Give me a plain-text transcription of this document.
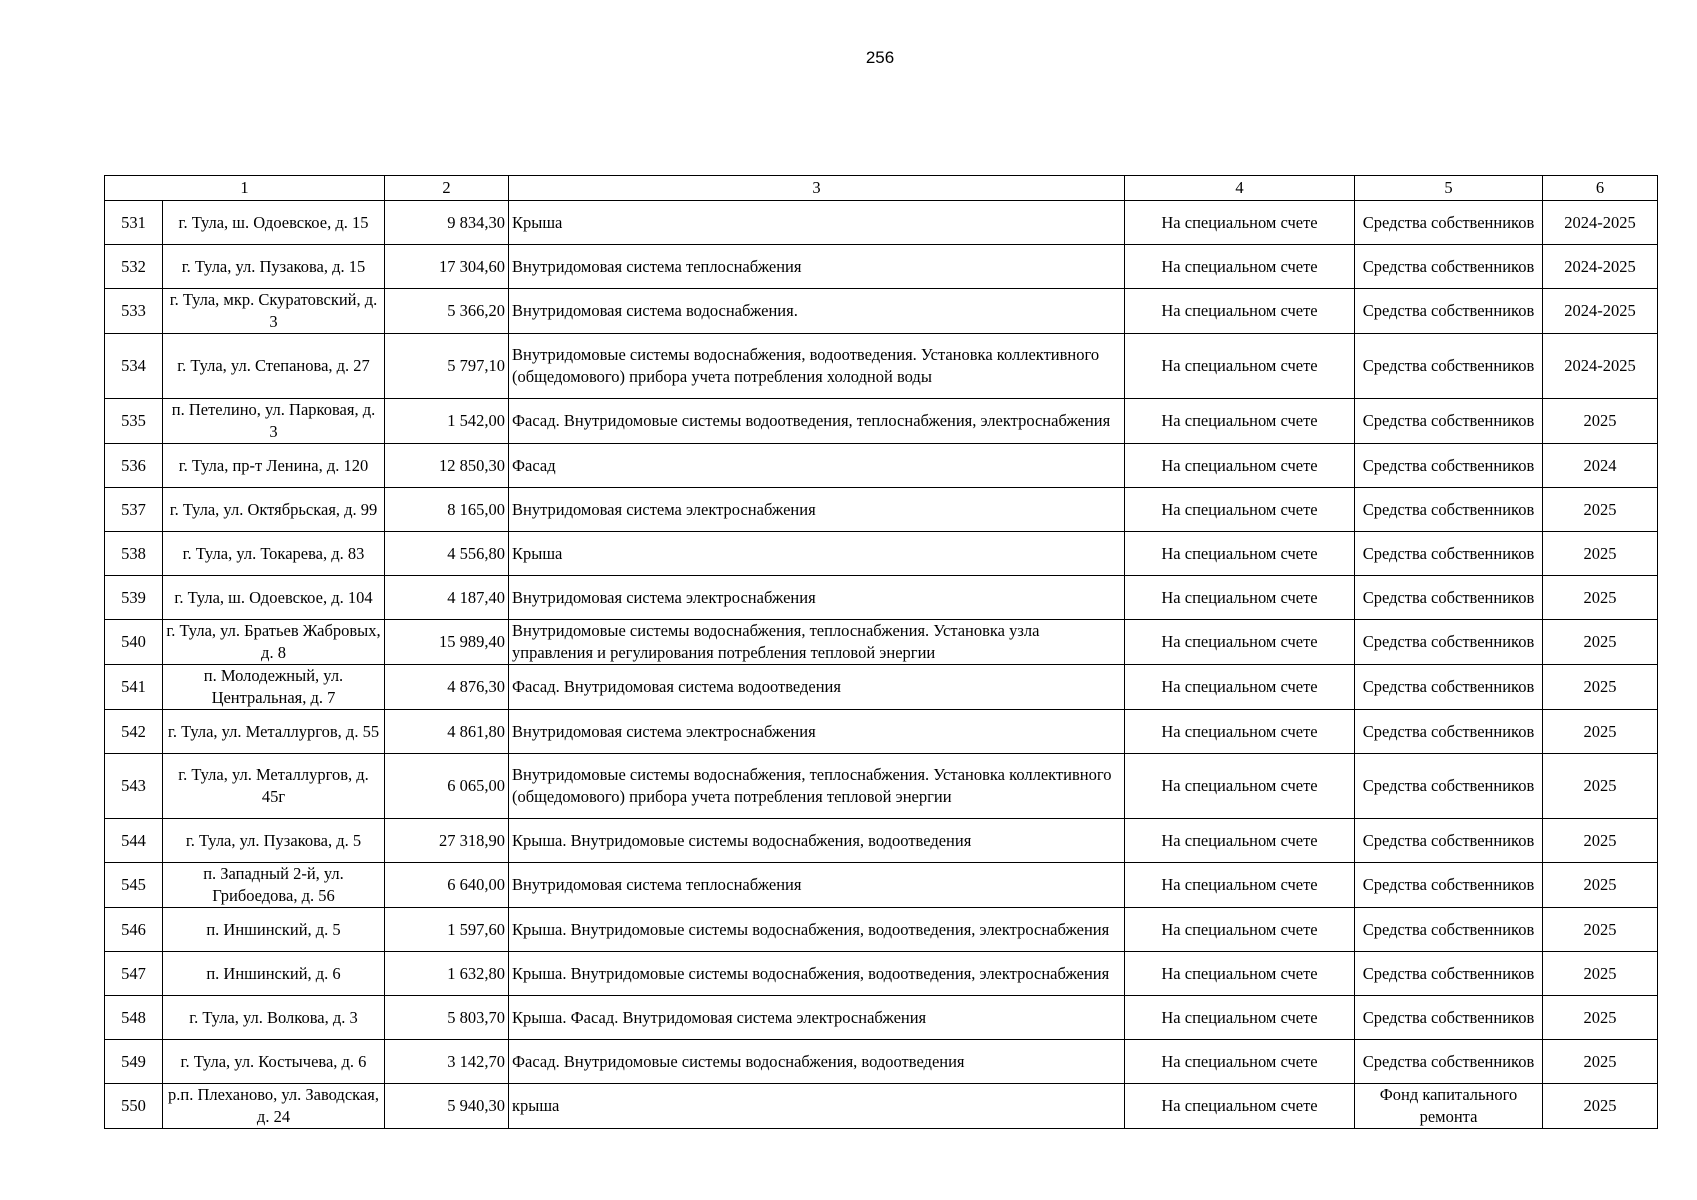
256
1		2	3	4	5	6
531	г. Тула, ш. Одоевское, д. 15	9 834,30	Крыша	На специальном счете	Средства собственников	2024-2025
532	г. Тула, ул. Пузакова, д. 15	17 304,60	Внутридомовая система теплоснабжения	На специальном счете	Средства собственников	2024-2025
533	г. Тула, мкр. Скуратовский, д. 3	5 366,20	Внутридомовая система водоснабжения.	На специальном счете	Средства собственников	2024-2025
534	г. Тула, ул. Степанова, д. 27	5 797,10	Внутридомовые системы водоснабжения, водоотведения. Установка коллективного (общедомового) прибора учета потребления холодной воды	На специальном счете	Средства собственников	2024-2025
535	п. Петелино, ул. Парковая, д. 3	1 542,00	Фасад. Внутридомовые системы водоотведения, теплоснабжения, электроснабжения	На специальном счете	Средства собственников	2025
536	г. Тула, пр-т Ленина, д. 120	12 850,30	Фасад	На специальном счете	Средства собственников	2024
537	г. Тула, ул. Октябрьская, д. 99	8 165,00	Внутридомовая система электроснабжения	На специальном счете	Средства собственников	2025
538	г. Тула, ул. Токарева, д. 83	4 556,80	Крыша	На специальном счете	Средства собственников	2025
539	г. Тула, ш. Одоевское, д. 104	4 187,40	Внутридомовая система электроснабжения	На специальном счете	Средства собственников	2025
540	г. Тула, ул. Братьев Жабровых, д. 8	15 989,40	Внутридомовые системы водоснабжения, теплоснабжения. Установка узла управления и регулирования потребления тепловой энергии	На специальном счете	Средства собственников	2025
541	п. Молодежный, ул. Центральная, д. 7	4 876,30	Фасад. Внутридомовая система водоотведения	На специальном счете	Средства собственников	2025
542	г. Тула, ул. Металлургов, д. 55	4 861,80	Внутридомовая система электроснабжения	На специальном счете	Средства собственников	2025
543	г. Тула, ул. Металлургов, д. 45г	6 065,00	Внутридомовые системы водоснабжения, теплоснабжения. Установка коллективного (общедомового) прибора учета потребления тепловой энергии	На специальном счете	Средства собственников	2025
544	г. Тула, ул. Пузакова, д. 5	27 318,90	Крыша. Внутридомовые системы водоснабжения, водоотведения	На специальном счете	Средства собственников	2025
545	п. Западный 2-й, ул. Грибоедова, д. 56	6 640,00	Внутридомовая система теплоснабжения	На специальном счете	Средства собственников	2025
546	п. Иншинский, д. 5	1 597,60	Крыша. Внутридомовые системы водоснабжения, водоотведения, электроснабжения	На специальном счете	Средства собственников	2025
547	п. Иншинский, д. 6	1 632,80	Крыша. Внутридомовые системы водоснабжения, водоотведения, электроснабжения	На специальном счете	Средства собственников	2025
548	г. Тула, ул. Волкова, д. 3	5 803,70	Крыша. Фасад. Внутридомовая система электроснабжения	На специальном счете	Средства собственников	2025
549	г. Тула, ул. Костычева, д. 6	3 142,70	Фасад. Внутридомовые системы водоснабжения, водоотведения	На специальном счете	Средства собственников	2025
550	р.п. Плеханово, ул. Заводская, д. 24	5 940,30	крыша	На специальном счете	Фонд капитального ремонта	2025
